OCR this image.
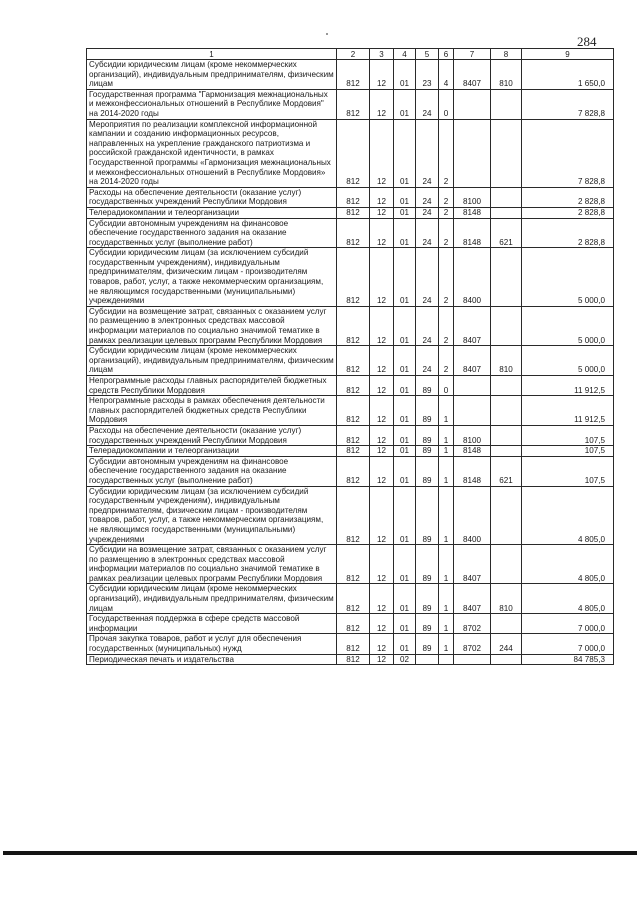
284
1	2	3	4	5	6	7	8	9
Субсидии юридическим лицам (кроме некоммерческих организаций), индивидуальным предпринимателям, физическим лицам	812	12	01	23	4	8407	810	1 650,0
Государственная программа "Гармонизация межнациональных и межконфессиональных отношений в Республике Мордовия" на 2014-2020 годы	812	12	01	24	0			7 828,8
Мероприятия по реализации комплексной информационной кампании и созданию информационных ресурсов, направленных на укрепление гражданского патриотизма и российской гражданской идентичности, в рамках Государственной программы «Гармонизация межнациональных и межконфессиональных отношений в Республике Мордовия» на 2014-2020 годы	812	12	01	24	2			7 828,8
Расходы на обеспечение деятельности (оказание услуг) государственных учреждений Республики Мордовия	812	12	01	24	2	8100		2 828,8
Телерадиокомпании и телеорганизации	812	12	01	24	2	8148		2 828,8
Субсидии автономным учреждениям на финансовое обеспечение государственного задания на оказание государственных услуг (выполнение работ)	812	12	01	24	2	8148	621	2 828,8
Субсидии юридическим лицам (за исключением субсидий государственным учреждениям), индивидуальным предпринимателям, физическим лицам - производителям товаров, работ, услуг, а также некоммерческим организациям, не являющимся государственными (муниципальными) учреждениями	812	12	01	24	2	8400		5 000,0
Субсидии на возмещение затрат, связанных с оказанием услуг по размещению в электронных средствах массовой информации материалов по социально значимой тематике в рамках реализации целевых программ Республики Мордовия	812	12	01	24	2	8407		5 000,0
Субсидии юридическим лицам (кроме некоммерческих организаций), индивидуальным предпринимателям, физическим лицам	812	12	01	24	2	8407	810	5 000,0
Непрограммные расходы главных распорядителей бюджетных средств Республики Мордовия	812	12	01	89	0			11 912,5
Непрограммные расходы в рамках обеспечения деятельности главных распорядителей бюджетных средств Республики Мордовия	812	12	01	89	1			11 912,5
Расходы на обеспечение деятельности (оказание услуг) государственных учреждений Республики Мордовия	812	12	01	89	1	8100		107,5
Телерадиокомпании и телеорганизации	812	12	01	89	1	8148		107,5
Субсидии автономным учреждениям на финансовое обеспечение государственного задания на оказание государственных услуг (выполнение работ)	812	12	01	89	1	8148	621	107,5
Субсидии юридическим лицам (за исключением субсидий государственным учреждениям), индивидуальным предпринимателям, физическим лицам - производителям товаров, работ, услуг, а также некоммерческим организациям, не являющимся государственными (муниципальными) учреждениями	812	12	01	89	1	8400		4 805,0
Субсидии на возмещение затрат, связанных с оказанием услуг по размещению в электронных средствах массовой информации материалов по социально значимой тематике в рамках реализации целевых программ Республики Мордовия	812	12	01	89	1	8407		4 805,0
Субсидии юридическим лицам (кроме некоммерческих организаций), индивидуальным предпринимателям, физическим лицам	812	12	01	89	1	8407	810	4 805,0
Государственная поддержка в сфере средств массовой информации	812	12	01	89	1	8702		7 000,0
Прочая закупка товаров, работ и услуг для обеспечения государственных (муниципальных) нужд	812	12	01	89	1	8702	244	7 000,0
Периодическая печать и издательства	812	12	02					84 785,3
